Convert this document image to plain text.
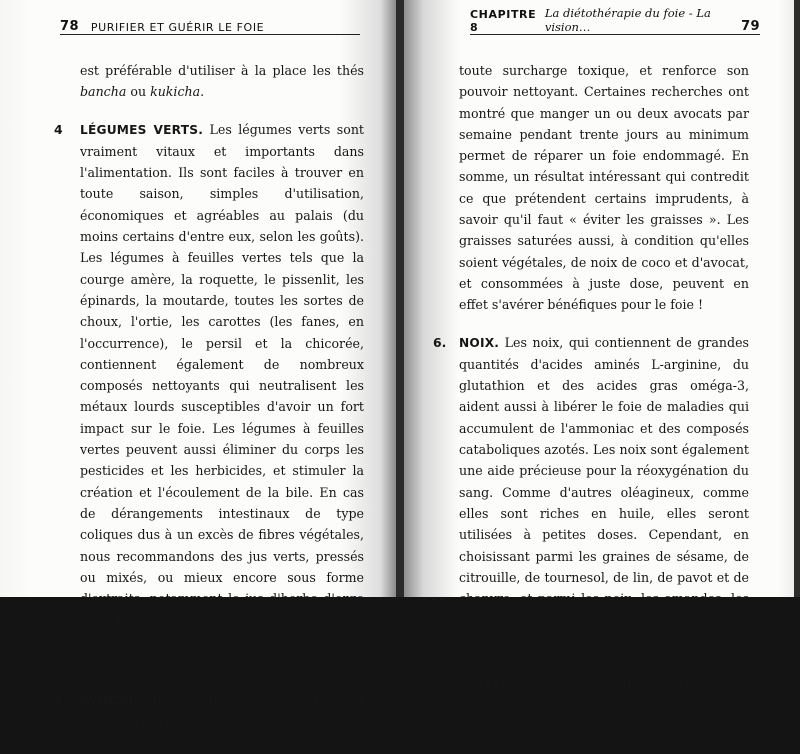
78 PURIFIER ET GUÉRIR LE FOIE

est préférable d'utiliser à la place les thés bancha ou kukicha.

4 LÉGUMES VERTS. Les légumes verts sont vraiment vitaux et importants dans l'alimentation. Ils sont faciles à trouver en toute saison, simples d'utilisation, économiques et agréables au palais (du moins certains d'entre eux, selon les goûts). Les légumes à feuilles vertes tels que la courge amère, la roquette, le pissenlit, les épinards, la moutarde, toutes les sortes de choux, l'ortie, les carottes (les fanes, en l'occurrence), le persil et la chicorée, contiennent également de nombreux composés nettoyants qui neutralisent les métaux lourds susceptibles d'avoir un fort impact sur le foie. Les légumes à feuilles vertes peuvent aussi éliminer du corps les pesticides et les herbicides, et stimuler la création et l'écoulement de la bile. En cas de dérangements intestinaux de type coliques dus à un excès de fibres végétales, nous recommandons des jus verts, pressés ou mixés, ou mieux encore sous forme d'extraits, notamment le jus d'herbe d'orge (et non la simple poudre d'orge !) ou de blé, et les micro-algues comme complément alimentaire.

5. AVOCAT. Riche en glutathion, l'avocat œuvre activement à la santé du foie, en le protégeant contre

CHAPITRE 8
La diétothérapie du foie - La vision…	79

toute surcharge toxique, et renforce son pouvoir nettoyant. Certaines recherches ont montré que manger un ou deux avocats par semaine pendant trente jours au minimum permet de réparer un foie endommagé. En somme, un résultat intéressant qui contredit ce que prétendent certains imprudents, à savoir qu'il faut « éviter les graisses ». Les graisses saturées aussi, à condition qu'elles soient végétales, de noix de coco et d'avocat, et consommées à juste dose, peuvent en effet s'avérer bénéfiques pour le foie !

6. NOIX. Les noix, qui contiennent de grandes quantités d'acides aminés L-arginine, du glutathion et des acides gras oméga-3, aident aussi à libérer le foie de maladies qui accumulent de l'ammoniac et des composés cataboliques azotés. Les noix sont également une aide précieuse pour la réoxygénation du sang. Comme d'autres oléagineux, comme elles sont riches en huile, elles seront utilisées à petites doses. Cependant, en choisissant parmi les graines de sésame, de citrouille, de tournesol, de lin, de pavot et de chanvre, et parmi les noix, les amandes, les noisettes, les cacahuètes et les pistaches, on peut en consommer quotidiennement, avec modération. Parallèlement, on réduira un peu la consommation d'huile, laquelle,
